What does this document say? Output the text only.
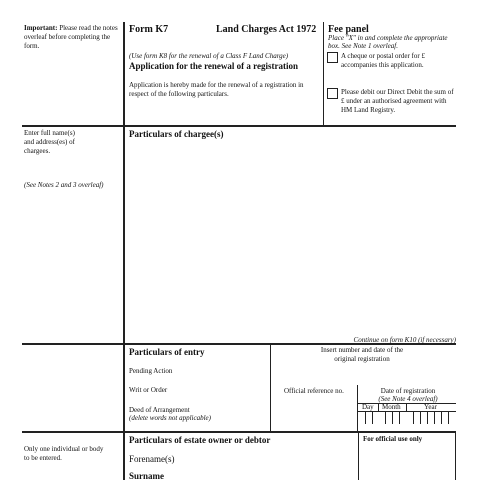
Important: Please read the notes overleaf before completing the form.
Enter full name(s) and address(es) of chargees.
(See Notes 2 and 3 overleaf)
Only one individual or body to be entered.
Form K7	Land Charges Act 1972
(Use form K8 for the renewal of a Class F Land Charge)
Application for the renewal of a registration
Application is hereby made for the renewal of a registration in respect of the following particulars.
Fee panel
Place "X" in and complete the appropriate box. See Note 1 overleaf.
A cheque or postal order for £ accompanies this application.
Please debit our Direct Debit the sum of £ under an authorised agreement with HM Land Registry.
Particulars of chargee(s)
Continue on form K10 (if necessary)
Particulars of entry
Pending Action
Writ or Order
Deed of Arrangement
(delete words not applicable)
Insert number and date of the original registration
Official reference no.	Date of registration
(See Note 4 overleaf)
Day Month	Year
Particulars of estate owner or debtor
Forename(s)
Surname
For official use only
